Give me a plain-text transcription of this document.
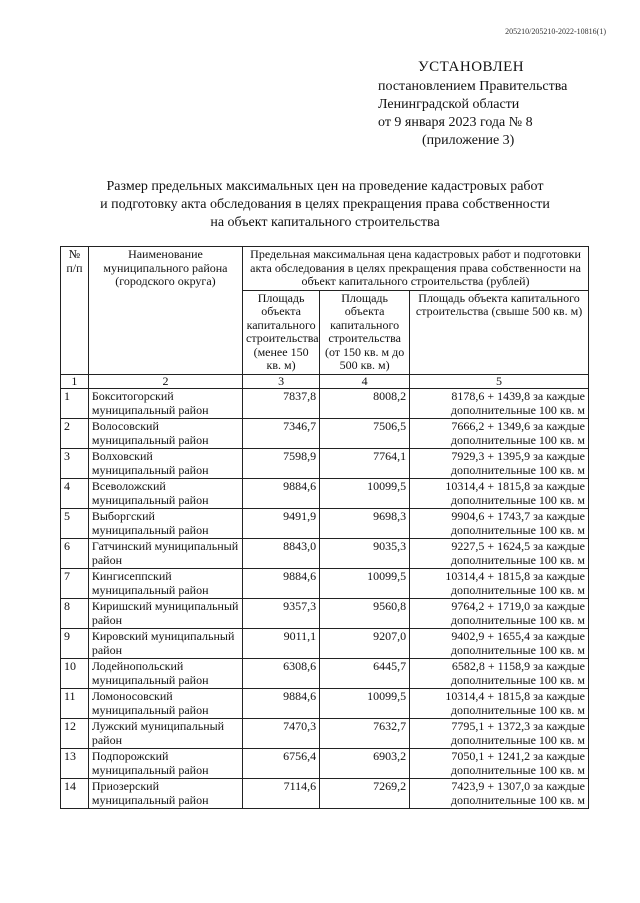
205210/205210-2022-10816(1)
УСТАНОВЛЕН
постановлением Правительства
Ленинградской области
от 9 января 2023 года № 8
(приложение 3)
Размер предельных максимальных цен на проведение кадастровых работ
и подготовку акта обследования в целях прекращения права собственности
на объект капитального строительства
№ п/п	Наименование муниципального района (городского округа)	Предельная максимальная цена кадастровых работ и подготовки акта обследования в целях прекращения права собственности на объект капитального строительства (рублей)		
		Площадь объекта капитального строительства (менее 150 кв. м)	Площадь объекта капитального строительства (от 150 кв. м до 500 кв. м)	Площадь объекта капитального строительства (свыше 500 кв. м)
1	2	3	4	5
1	Бокситогорский муниципальный район	7837,8	8008,2	8178,6 + 1439,8 за каждые
дополнительные 100 кв. м

2	Волосовский муниципальный район	7346,7	7506,5	7666,2 + 1349,6 за каждые
дополнительные 100 кв. м

3	Волховский муниципальный район	7598,9	7764,1	7929,3 + 1395,9 за каждые
дополнительные 100 кв. м

4	Всеволожский муниципальный район	9884,6	10099,5	10314,4 + 1815,8 за каждые
дополнительные 100 кв. м

5	Выборгский муниципальный район	9491,9	9698,3	9904,6 + 1743,7 за каждые
дополнительные 100 кв. м

6	Гатчинский муниципальный район	8843,0	9035,3	9227,5 + 1624,5 за каждые
дополнительные 100 кв. м

7	Кингисеппский муниципальный район	9884,6	10099,5	10314,4 + 1815,8 за каждые
дополнительные 100 кв. м

8	Киришский муниципальный район	9357,3	9560,8	9764,2 + 1719,0 за каждые
дополнительные 100 кв. м

9	Кировский муниципальный район	9011,1	9207,0	9402,9 + 1655,4 за каждые
дополнительные 100 кв. м

10	Лодейнопольский муниципальный район	6308,6	6445,7	6582,8 + 1158,9 за каждые
дополнительные 100 кв. м

11	Ломоносовский муниципальный район	9884,6	10099,5	10314,4 + 1815,8 за каждые
дополнительные 100 кв. м

12	Лужский муниципальный район	7470,3	7632,7	7795,1 + 1372,3 за каждые
дополнительные 100 кв. м

13	Подпорожский муниципальный район	6756,4	6903,2	7050,1 + 1241,2 за каждые
дополнительные 100 кв. м

14	Приозерский муниципальный район	7114,6	7269,2	7423,9 + 1307,0 за каждые
дополнительные 100 кв. м
